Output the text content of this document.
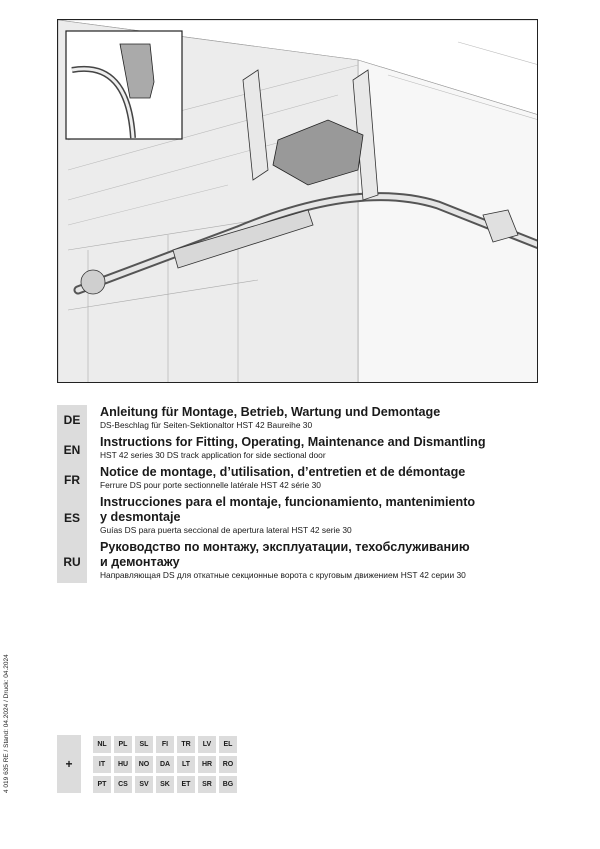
DE
Anleitung für Montage, Betrieb, Wartung und Demontage
DS-Beschlag für Seiten-Sektionaltor HST 42 Baureihe 30
EN
Instructions for Fitting, Operating, Maintenance and Dismantling
HST 42 series 30 DS track application for side sectional door
FR
Notice de montage, d’utilisation, d’entretien et de démontage
Ferrure DS pour porte sectionnelle latérale HST 42 série 30
ES
Instrucciones para el montaje, funcionamiento, mantenimiento
y desmontaje
Guías DS para puerta seccional de apertura lateral HST 42 serie 30
RU
Руководство по монтажу, эксплуатации, техобслуживанию
и демонтажу
Направляющая DS для откатные секционные ворота с круговым движением HST 42 серии 30
4 019 635 RE / Stand: 04.2024 / Druck: 04.2024	+
NL	PL	SL	FI	TR	LV	EL
IT	HU	NO	DA	LT	HR	RO
PT	CS	SV	SK	ET	SR	BG
